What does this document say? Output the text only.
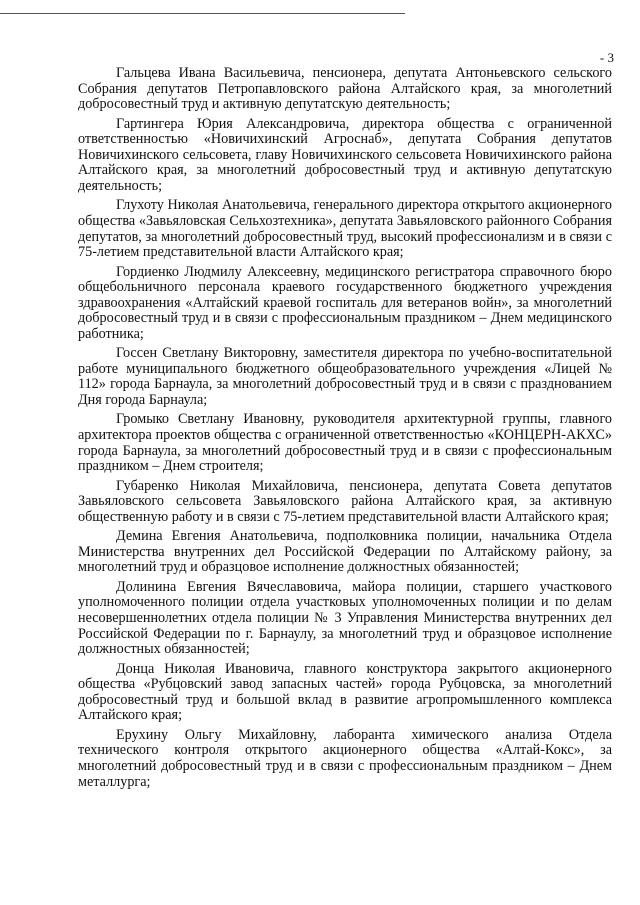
- 3

Гальцева Ивана Васильевича, пенсионера, депутата Антоньевского сельского Собрания депутатов Петропавловского района Алтайского края, за многолетний добросовестный труд и активную депутатскую деятельность;

Гартингера Юрия Александровича, директора общества с ограниченной ответственностью «Новичихинский Агроснаб», депутата Собрания депутатов Новичихинского сельсовета, главу Новичихинского сельсовета Новичихинского района Алтайского края, за многолетний добросовестный труд и активную депутатскую деятельность;

Глухоту Николая Анатольевича, генерального директора открытого акционерного общества «Завьяловская Сельхозтехника», депутата Завьяловского районного Собрания депутатов, за многолетний добросовестный труд, высокий профессионализм и в связи с 75-летием представительной власти Алтайского края;

Гордиенко Людмилу Алексеевну, медицинского регистратора справочного бюро общебольничного персонала краевого государственного бюджетного учреждения здравоохранения «Алтайский краевой госпиталь для ветеранов войн», за многолетний добросовестный труд и в связи с профессиональным праздником – Днем медицинского работника;

Госсен Светлану Викторовну, заместителя директора по учебно-воспитательной работе муниципального бюджетного общеобразовательного учреждения «Лицей № 112» города Барнаула, за многолетний добросовестный труд и в связи с празднованием Дня города Барнаула;

Громыко Светлану Ивановну, руководителя архитектурной группы, главного архитектора проектов общества с ограниченной ответственностью «КОНЦЕРН-АКХС» города Барнаула, за многолетний добросовестный труд и в связи с профессиональным праздником – Днем строителя;

Губаренко Николая Михайловича, пенсионера, депутата Совета депутатов Завьяловского сельсовета Завьяловского района Алтайского края, за активную общественную работу и в связи с 75-летием представительной власти Алтайского края;

Демина Евгения Анатольевича, подполковника полиции, начальника Отдела Министерства внутренних дел Российской Федерации по Алтайскому району, за многолетний труд и образцовое исполнение должностных обязанностей;

Долинина Евгения Вячеславовича, майора полиции, старшего участкового уполномоченного полиции отдела участковых уполномоченных полиции и по делам несовершеннолетних отдела полиции № 3 Управления Министерства внутренних дел Российской Федерации по г. Барнаулу, за многолетний труд и образцовое исполнение должностных обязанностей;

Донца Николая Ивановича, главного конструктора закрытого акционерного общества «Рубцовский завод запасных частей» города Рубцовска, за многолетний добросовестный труд и большой вклад в развитие агропромышленного комплекса Алтайского края;

Ерухину Ольгу Михайловну, лаборанта химического анализа Отдела технического контроля открытого акционерного общества «Алтай-Кокс», за многолетний добросовестный труд и в связи с профессиональным праздником – Днем металлурга;
